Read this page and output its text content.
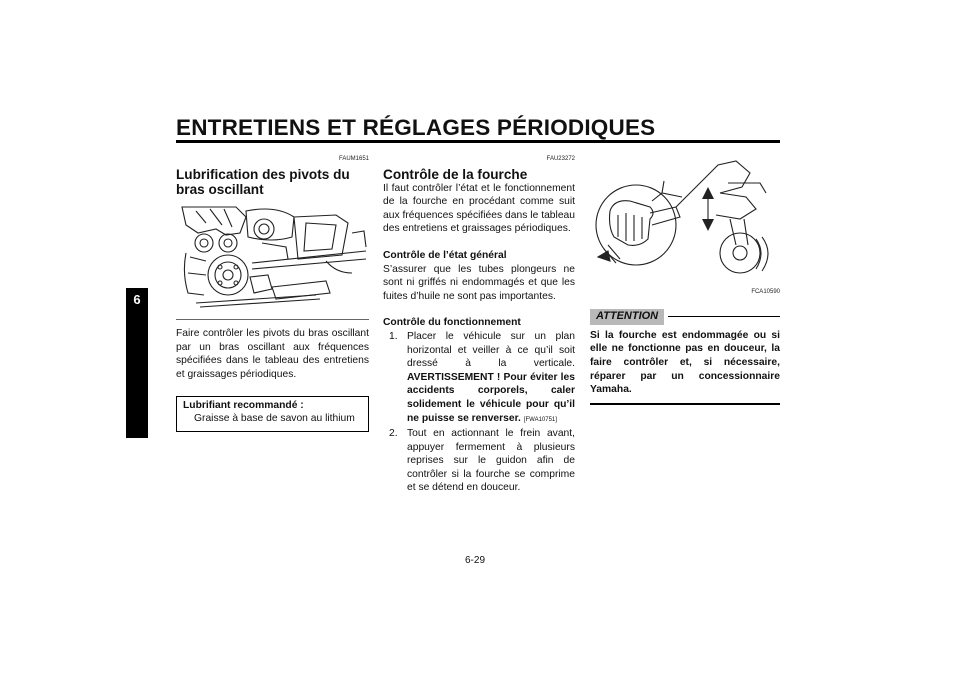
ENTRETIENS ET RÉGLAGES PÉRIODIQUES
6
FAUM1651
Lubrification des pivots du bras oscillant

Faire contrôler les pivots du bras oscillant par un bras oscillant aux fréquences spécifiées dans le tableau des entretiens et graissages périodiques.

Lubrifiant recommandé :
Graisse à base de savon au lithium
FAU23272
Contrôle de la fourche

Il faut contrôler l’état et le fonctionnement de la fourche en procédant comme suit aux fréquences spécifiées dans le tableau des entretiens et graissages périodiques.

Contrôle de l’état général

S’assurer que les tubes plongeurs ne sont ni griffés ni endommagés et que les fuites d’huile ne sont pas importantes.

Contrôle du fonctionnement
1. Placer le véhicule sur un plan horizontal et veiller à ce qu’il soit dressé à la verticale. AVERTISSEMENT ! Pour éviter les accidents corporels, caler solidement le véhicule pour qu’il ne puisse se renverser. [FWA10751]
2. Tout en actionnant le frein avant, appuyer fermement à plusieurs reprises sur le guidon afin de contrôler si la fourche se comprime et se détend en douceur.
FCA10590
ATTENTION
Si la fourche est endommagée ou si elle ne fonctionne pas en douceur, la faire contrôler et, si nécessaire, réparer par un concessionnaire Yamaha.
6-29
